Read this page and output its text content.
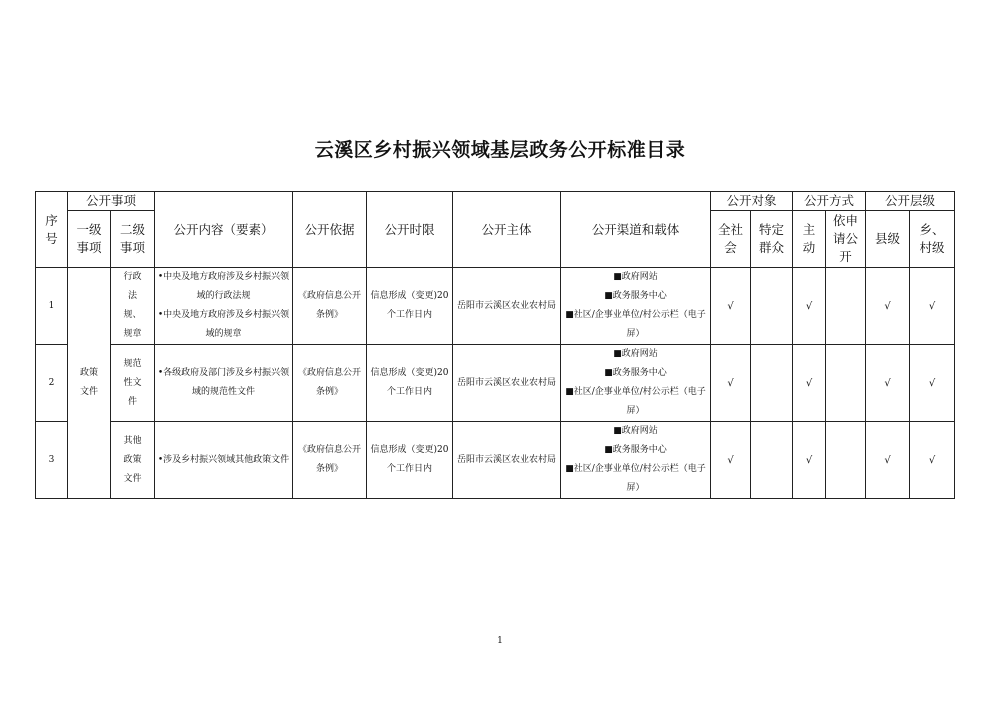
云溪区乡村振兴领域基层政务公开标准目录
序号	公开事项		公开内容（要素）	公开依据	公开时限	公开主体	公开渠道和载体	公开对象		公开方式		公开层级	
	一级事项	二级事项						全社会	特定群众	主动	依申请公开	县级	乡、村级
1	政策文件	行政法规、规章	•中央及地方政府涉及乡村振兴领域的行政法规
•中央及地方政府涉及乡村振兴领域的规章	《政府信息公开条例》	信息形成（变更)20个工作日内	岳阳市云溪区农业农村局	■政府网站
■政务服务中心
■社区/企事业单位/村公示栏（电子屏）	√		√		√	√
2		规范性文件	•各级政府及部门涉及乡村振兴领域的规范性文件	《政府信息公开条例》	信息形成（变更)20个工作日内	岳阳市云溪区农业农村局	■政府网站
■政务服务中心
■社区/企事业单位/村公示栏（电子屏）	√		√		√	√
3		其他政策文件	•涉及乡村振兴领域其他政策文件	《政府信息公开条例》	信息形成（变更)20个工作日内	岳阳市云溪区农业农村局	■政府网站
■政务服务中心
■社区/企事业单位/村公示栏（电子屏）	√		√		√	√
1
